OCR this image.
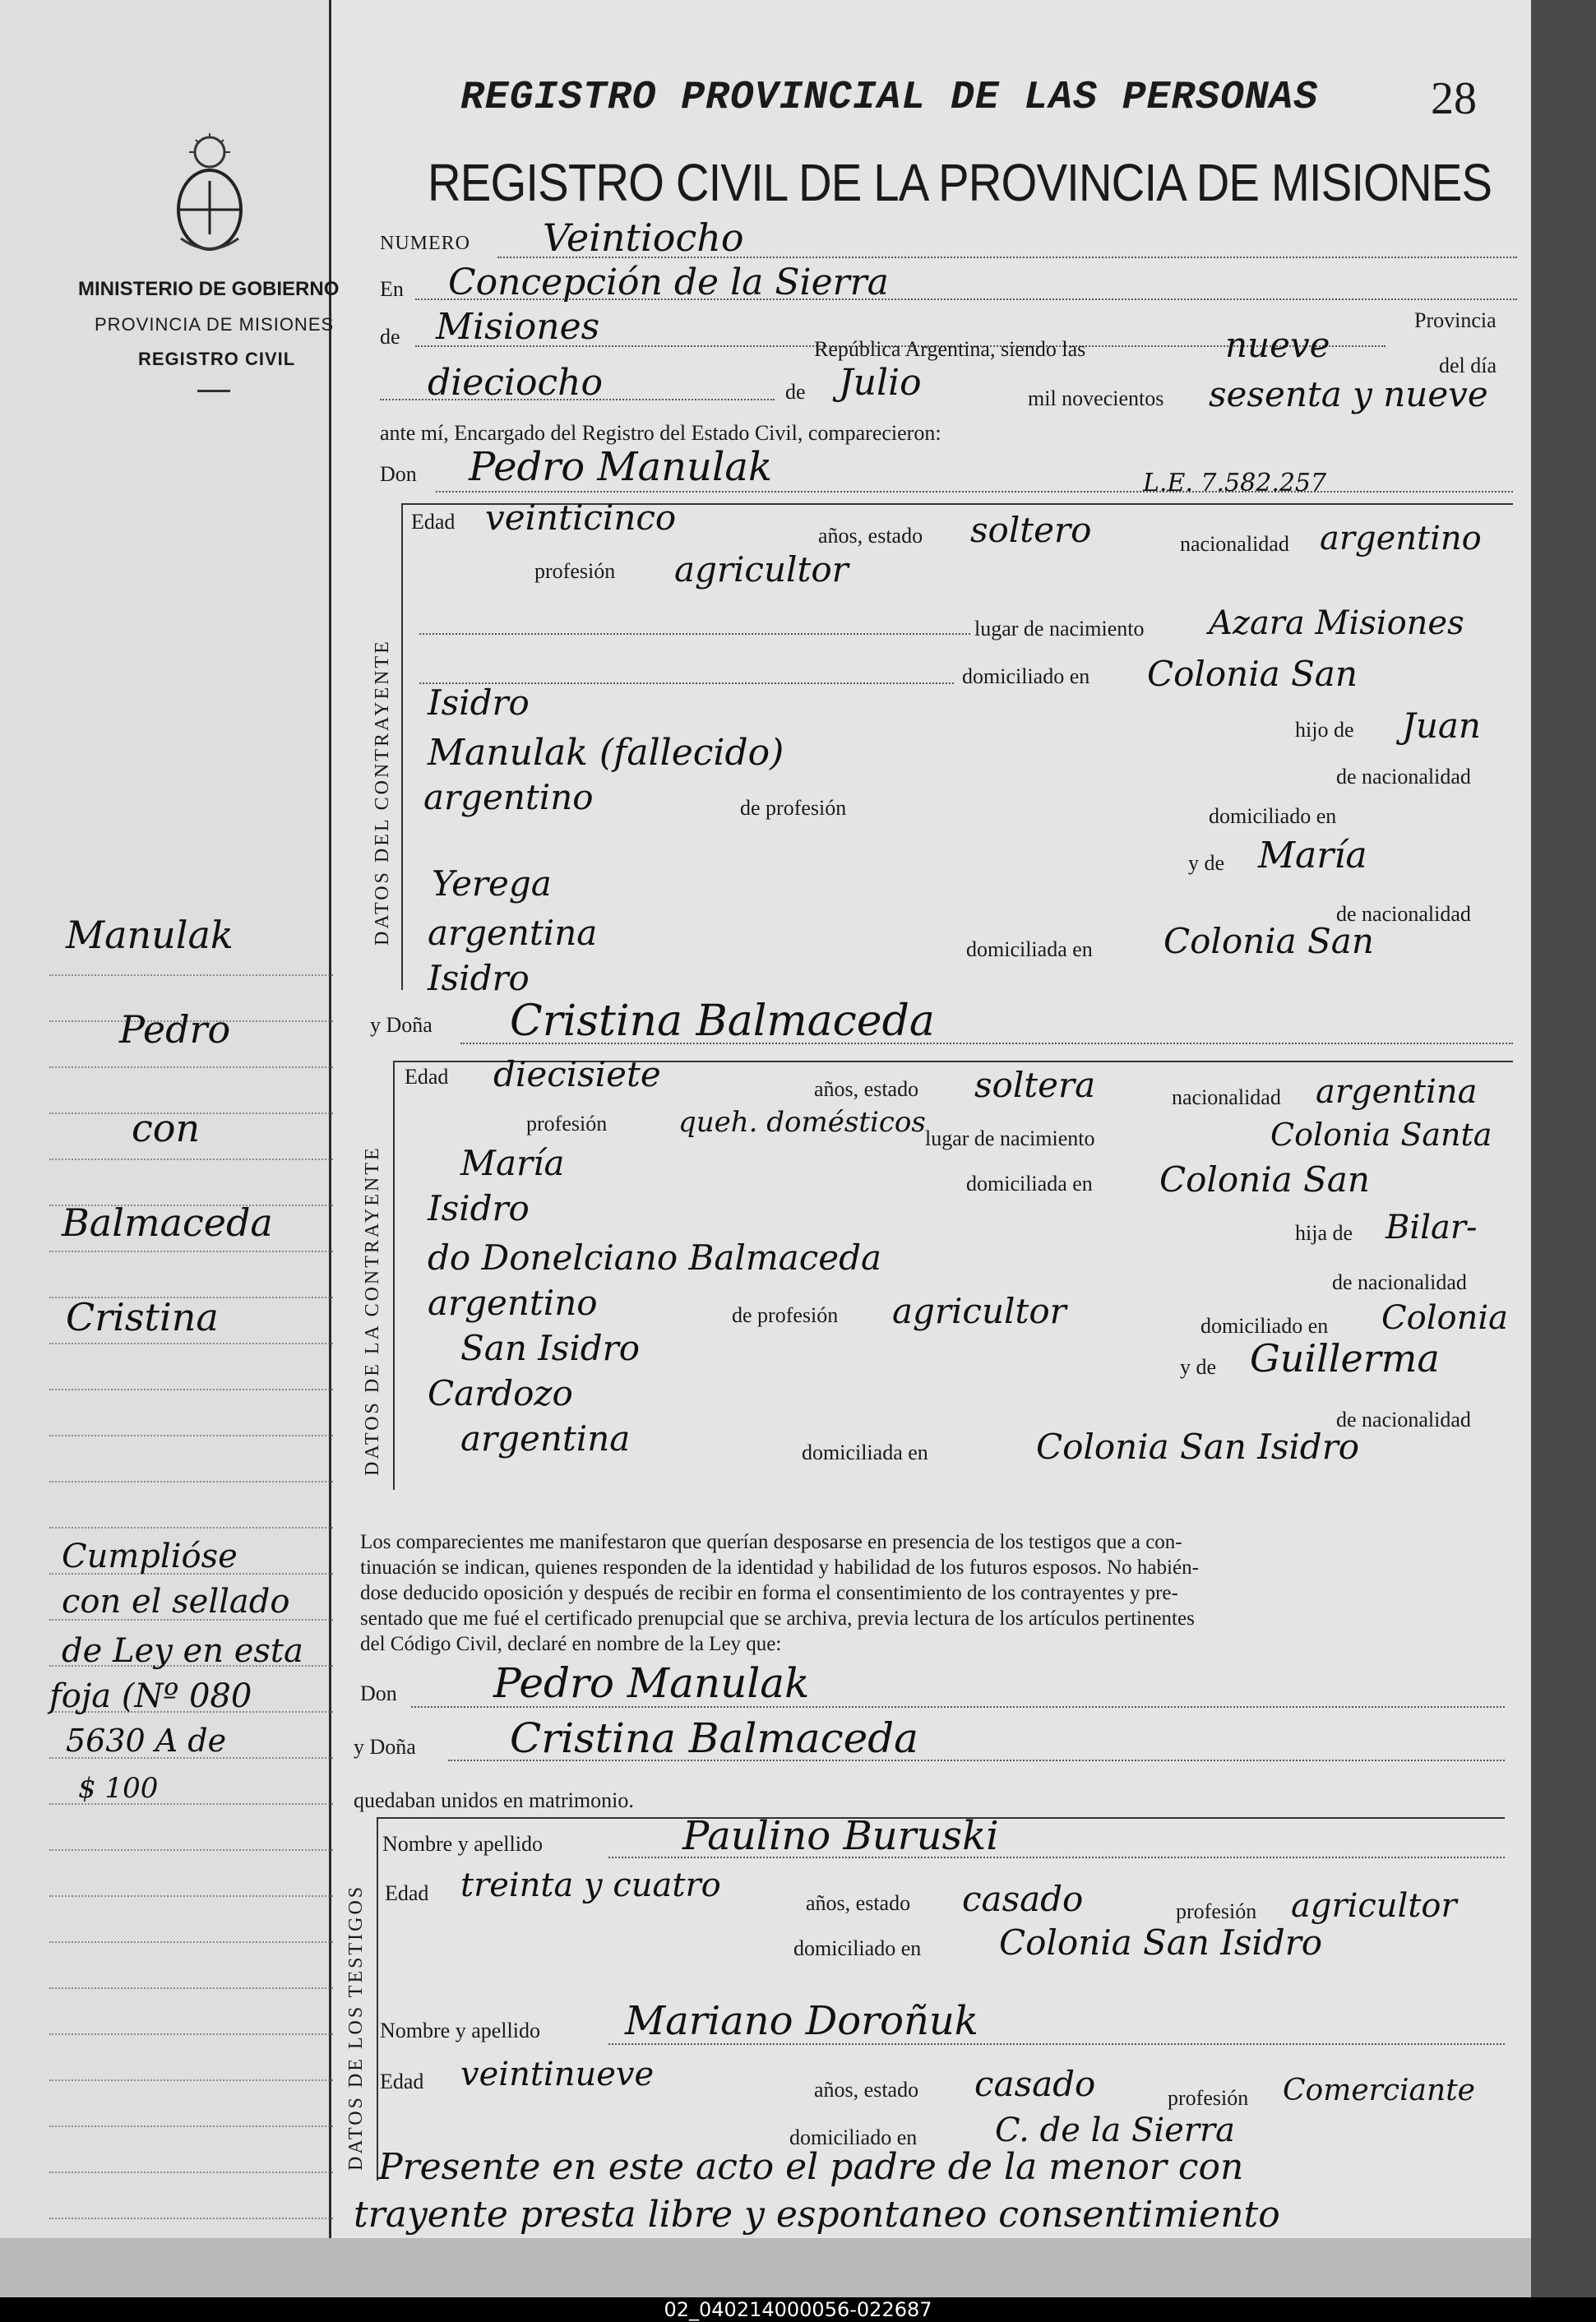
MINISTERIO DE GOBIERNO
PROVINCIA DE MISIONES
REGISTRO CIVIL
Manulak
Pedro
con
Balmaceda
Cristina
Cumplióse
con el sellado
de Ley en esta
foja (Nº 080
5630 A de
$ 100
REGISTRO PROVINCIAL DE LAS PERSONAS 28
REGISTRO CIVIL DE LA PROVINCIA DE MISIONES
NUMERO Veintiocho
En Concepción de la Sierra
de
Provincia
Misiones
República Argentina, siendo las	nueve
del día
dieciocho	de Julio	mil novecientos sesenta y nueve
ante mí, Encargado del Registro del Estado Civil, comparecieron:
Don Pedro Manulak	L.E. 7.582.257
DATOS DEL CONTRAYENTE
Edad veinticinco	años, estado soltero	nacionalidad argentino
profesión agricultor
lugar de nacimiento Azara Misiones
domiciliado en Colonia San
Isidro
Manulak (fallecido)
hijo de Juan
de nacionalidad
argentino	de profesión	domiciliado en
y de María
Yerega
de nacionalidad
argentina	domiciliada en Colonia San
Isidro
y Doña Cristina Balmaceda
DATOS DE LA CONTRAYENTE
Edad diecisiete	años, estado soltera	nacionalidad argentina
profesión	queh. domésticos lugar de nacimiento	Colonia Santa
María
domiciliada en Colonia San
Isidro
hija de Bilar-
do Donelciano Balmaceda
de nacionalidad
argentino	de profesión agricultor	domiciliado en Colonia
San Isidro	y de Guillerma
Cardozo
de nacionalidad
argentina	domiciliada en	Colonia San Isidro
Los comparecientes me manifestaron que querían desposarse en presencia de los testigos que a con-
tinuación se indican, quienes responden de la identidad y habilidad de los futuros esposos. No habién-
dose deducido oposición y después de recibir en forma el consentimiento de los contrayentes y pre-
sentado que me fué el certificado prenupcial que se archiva, previa lectura de los artículos pertinentes
del Código Civil, declaré en nombre de la Ley que:
Don Pedro Manulak
y Doña Cristina Balmaceda
quedaban unidos en matrimonio.
DATOS DE LOS TESTIGOS
Nombre y apellido	Paulino Buruski
Edad treinta y cuatro	años, estado casado	profesión agricultor
domiciliado en Colonia San Isidro
Nombre y apellido Mariano Doroñuk
Edad veintinueve	años, estado casado	profesión Comerciante
domiciliado en C. de la Sierra
Presente en este acto el padre de la menor con
trayente presta libre y espontaneo consentimiento
02_040214000056-022687
